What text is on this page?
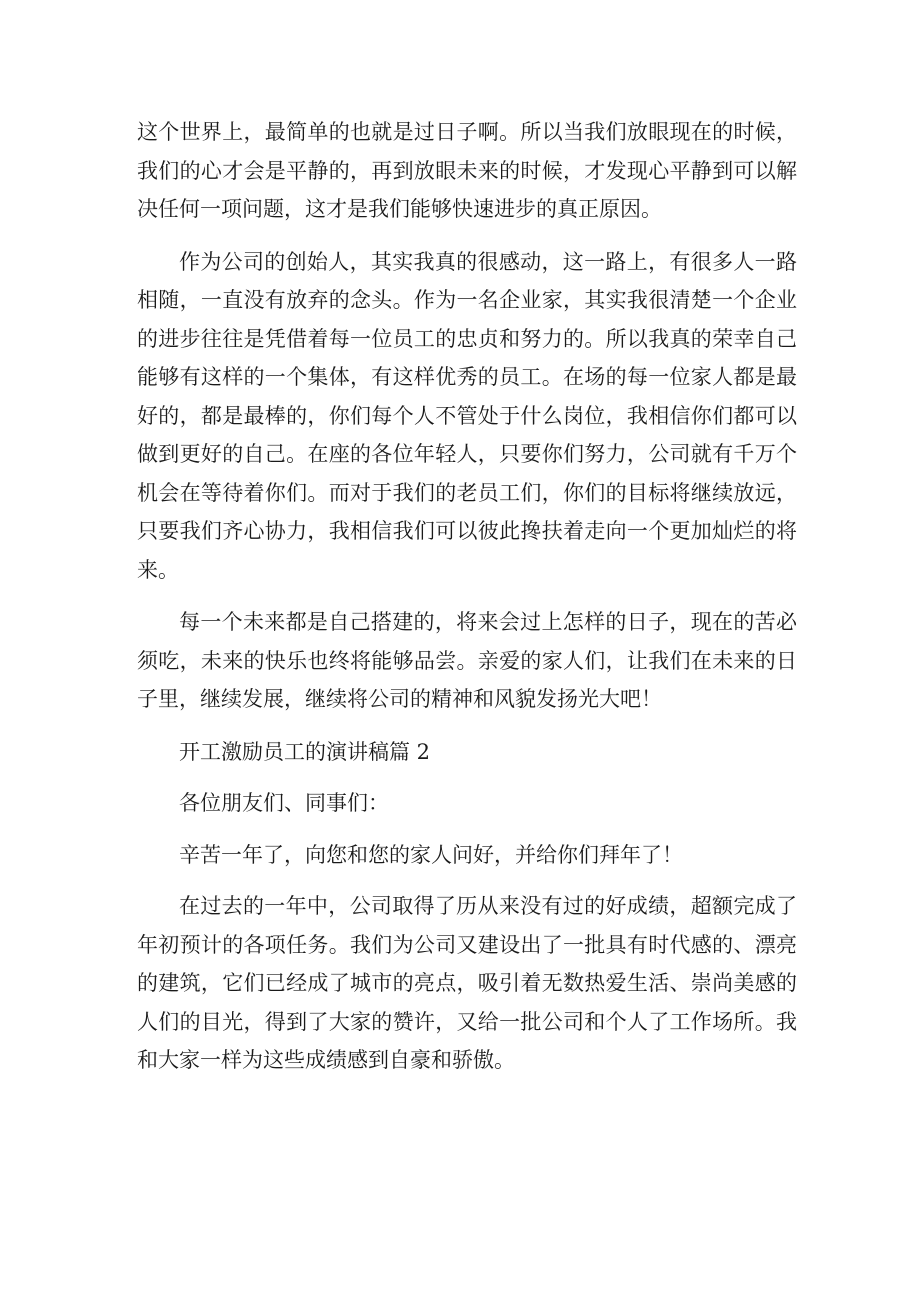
这个世界上，最简单的也就是过日子啊。所以当我们放眼现在的时候，我们的心才会是平静的，再到放眼未来的时候，才发现心平静到可以解决任何一项问题，这才是我们能够快速进步的真正原因。

作为公司的创始人，其实我真的很感动，这一路上，有很多人一路相随，一直没有放弃的念头。作为一名企业家，其实我很清楚一个企业的进步往往是凭借着每一位员工的忠贞和努力的。所以我真的荣幸自己能够有这样的一个集体，有这样优秀的员工。在场的每一位家人都是最好的，都是最棒的，你们每个人不管处于什么岗位，我相信你们都可以做到更好的自己。在座的各位年轻人，只要你们努力，公司就有千万个机会在等待着你们。而对于我们的老员工们，你们的目标将继续放远，只要我们齐心协力，我相信我们可以彼此搀扶着走向一个更加灿烂的将来。

每一个未来都是自己搭建的，将来会过上怎样的日子，现在的苦必须吃，未来的快乐也终将能够品尝。亲爱的家人们，让我们在未来的日子里，继续发展，继续将公司的精神和风貌发扬光大吧！

开工激励员工的演讲稿篇 2

各位朋友们、同事们：

辛苦一年了，向您和您的家人问好，并给你们拜年了！

在过去的一年中，公司取得了历从来没有过的好成绩，超额完成了年初预计的各项任务。我们为公司又建设出了一批具有时代感的、漂亮的建筑，它们已经成了城市的亮点，吸引着无数热爱生活、崇尚美感的人们的目光，得到了大家的赞许，又给一批公司和个人了工作场所。我和大家一样为这些成绩感到自豪和骄傲。
